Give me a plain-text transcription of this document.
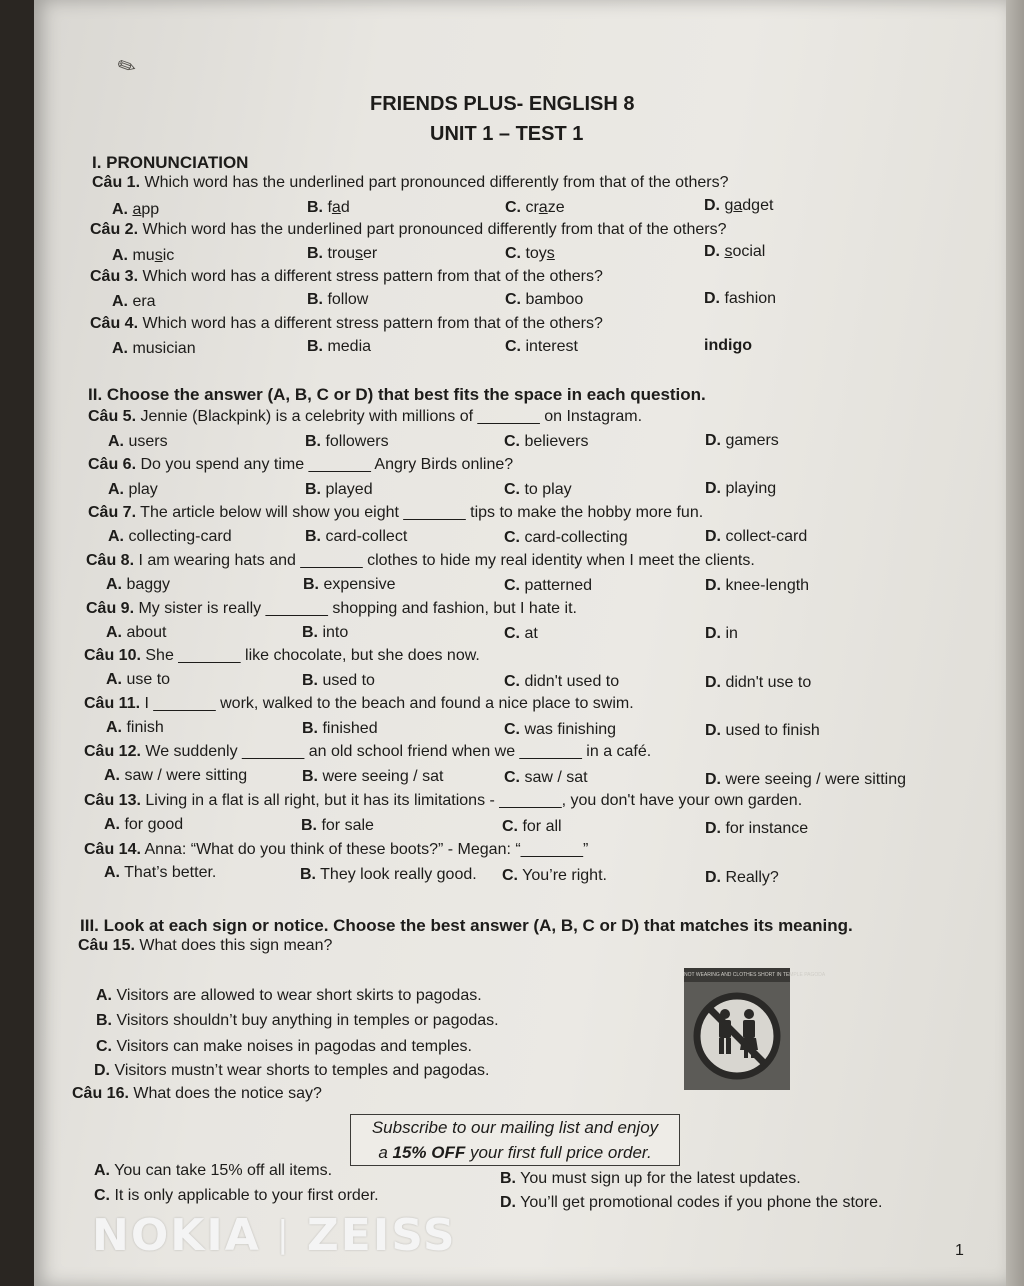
✎
FRIENDS PLUS- ENGLISH 8
UNIT 1 – TEST 1
I. PRONUNCIATION
Câu 1. Which word has the underlined part pronounced differently from that of the others?
A. app	B. fad	C. craze	D. gadget
Câu 2. Which word has the underlined part pronounced differently from that of the others?
A. music	B. trouser	C. toys	D. social
Câu 3. Which word has a different stress pattern from that of the others?
A. era	B. follow	C. bamboo	D. fashion
Câu 4. Which word has a different stress pattern from that of the others?
A. musician	B. media	C. interest	indigo
II. Choose the answer (A, B, C or D) that best fits the space in each question.
Câu 5. Jennie (Blackpink) is a celebrity with millions of _______ on Instagram.
A. users	B. followers	C. believers	D. gamers
Câu 6. Do you spend any time _______ Angry Birds online?
A. play	B. played	C. to play	D. playing
Câu 7. The article below will show you eight _______ tips to make the hobby more fun.
A. collecting-card	B. card-collect	C. card-collecting	D. collect-card
Câu 8. I am wearing hats and _______ clothes to hide my real identity when I meet the clients.
A. baggy	B. expensive	C. patterned	D. knee-length
Câu 9. My sister is really _______ shopping and fashion, but I hate it.
A. about	B. into	C. at	D. in
Câu 10. She _______ like chocolate, but she does now.
A. use to	B. used to	C. didn't used to	D. didn't use to
Câu 11. I _______ work, walked to the beach and found a nice place to swim.
A. finish	B. finished	C. was finishing	D. used to finish
Câu 12. We suddenly _______ an old school friend when we _______ in a café.
A. saw / were sitting	B. were seeing / sat	C. saw / sat	D. were seeing / were sitting
Câu 13. Living in a flat is all right, but it has its limitations - _______, you don't have your own garden.
A. for good	B. for sale	C. for all	D. for instance
Câu 14. Anna: “What do you think of these boots?” - Megan: “_______”
A. That’s better.	B. They look really good. C. You’re right.	D. Really?
III. Look at each sign or notice. Choose the best answer (A, B, C or D) that matches its meaning.
Câu 15. What does this sign mean?
A. Visitors are allowed to wear short skirts to pagodas.
B. Visitors shouldn’t buy anything in temples or pagodas.
C. Visitors can make noises in pagodas and temples.
D. Visitors mustn’t wear shorts to temples and pagodas.
NOT WEARING AND CLOTHES SHORT IN TEMPLE PAGODA
Câu 16. What does the notice say?
Subscribe to our mailing list and enjoy
a 15% OFF your first full price order.
A. You can take 15% off all items.	B. You must sign up for the latest updates.
C. It is only applicable to your first order.	D. You’ll get promotional codes if you phone the store.
NOKIA | ZEISS	1
